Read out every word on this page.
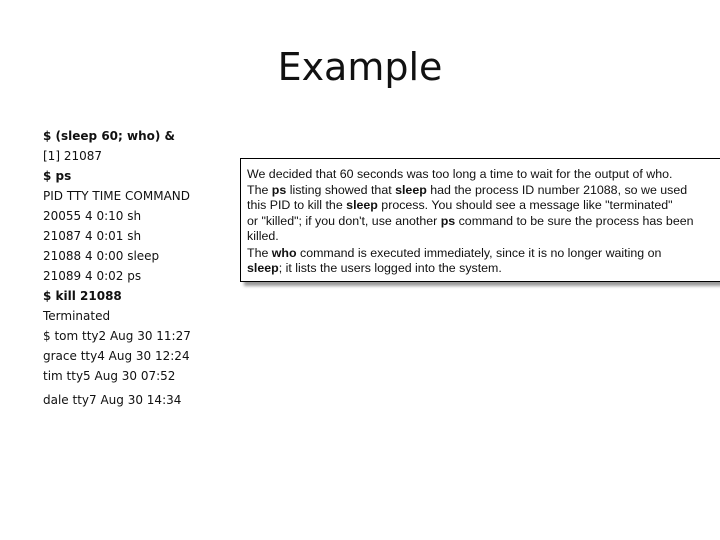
Example
$ (sleep 60; who) &
[1] 21087
$ ps
PID TTY TIME COMMAND
20055 4 0:10 sh
21087 4 0:01 sh
21088 4 0:00 sleep
21089 4 0:02 ps
$ kill 21088
Terminated
$ tom tty2 Aug 30 11:27
grace tty4 Aug 30 12:24
tim tty5 Aug 30 07:52
dale tty7 Aug 30 14:34
We decided that 60 seconds was too long a time to wait for the output of who.
The ps listing showed that sleep had the process ID number 21088, so we used
this PID to kill the sleep process. You should see a message like "terminated"
or "killed"; if you don't, use another ps command to be sure the process has been
killed.
The who command is executed immediately, since it is no longer waiting on
sleep; it lists the users logged into the system.
